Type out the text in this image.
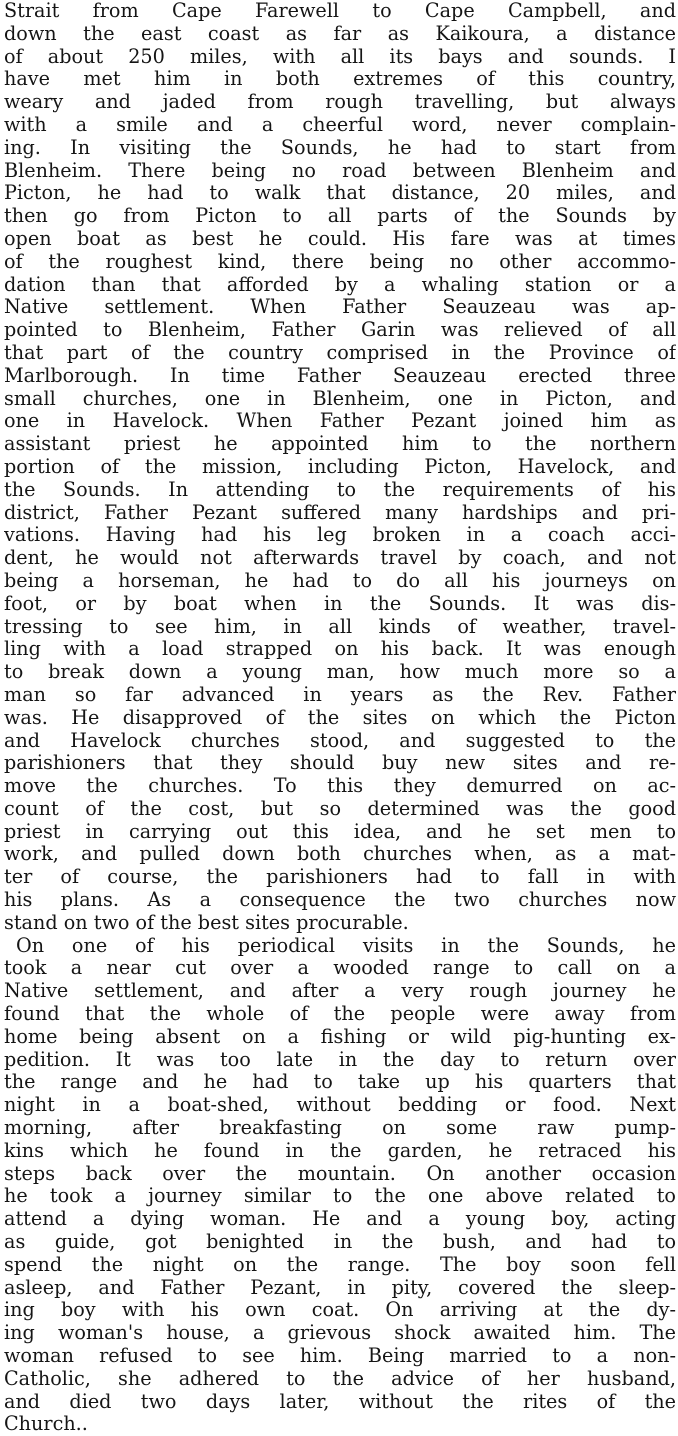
Strait from Cape Farewell to Cape Campbell, and
down the east coast as far as Kaikoura, a distance
of about 250 miles, with all its bays and sounds. I
have met him in both extremes of this country,
weary and jaded from rough travelling, but always
with a smile and a cheerful word, never complain-
ing. In visiting the Sounds, he had to start from
Blenheim. There being no road between Blenheim and
Picton, he had to walk that distance, 20 miles, and
then go from Picton to all parts of the Sounds by
open boat as best he could. His fare was at times
of the roughest kind, there being no other accommo-
dation than that afforded by a whaling station or a
Native settlement. When Father Seauzeau was ap-
pointed to Blenheim, Father Garin was relieved of all
that part of the country comprised in the Province of
Marlborough. In time Father Seauzeau erected three
small churches, one in Blenheim, one in Picton, and
one in Havelock. When Father Pezant joined him as
assistant priest he appointed him to the northern
portion of the mission, including Picton, Havelock, and
the Sounds. In attending to the requirements of his
district, Father Pezant suffered many hardships and pri-
vations. Having had his leg broken in a coach acci-
dent, he would not afterwards travel by coach, and not
being a horseman, he had to do all his journeys on
foot, or by boat when in the Sounds. It was dis-
tressing to see him, in all kinds of weather, travel-
ling with a load strapped on his back. It was enough
to break down a young man, how much more so a
man so far advanced in years as the Rev. Father
was. He disapproved of the sites on which the Picton
and Havelock churches stood, and suggested to the
parishioners that they should buy new sites and re-
move the churches. To this they demurred on ac-
count of the cost, but so determined was the good
priest in carrying out this idea, and he set men to
work, and pulled down both churches when, as a mat-
ter of course, the parishioners had to fall in with
his plans. As a consequence the two churches now
stand on two of the best sites procurable.
On one of his periodical visits in the Sounds, he
took a near cut over a wooded range to call on a
Native settlement, and after a very rough journey he
found that the whole of the people were away from
home being absent on a fishing or wild pig-hunting ex-
pedition. It was too late in the day to return over
the range and he had to take up his quarters that
night in a boat-shed, without bedding or food. Next
morning, after breakfasting on some raw pump-
kins which he found in the garden, he retraced his
steps back over the mountain. On another occasion
he took a journey similar to the one above related to
attend a dying woman. He and a young boy, acting
as guide, got benighted in the bush, and had to
spend the night on the range. The boy soon fell
asleep, and Father Pezant, in pity, covered the sleep-
ing boy with his own coat. On arriving at the dy-
ing woman's house, a grievous shock awaited him. The
woman refused to see him. Being married to a non-
Catholic, she adhered to the advice of her husband,
and died two days later, without the rites of the
Church..
